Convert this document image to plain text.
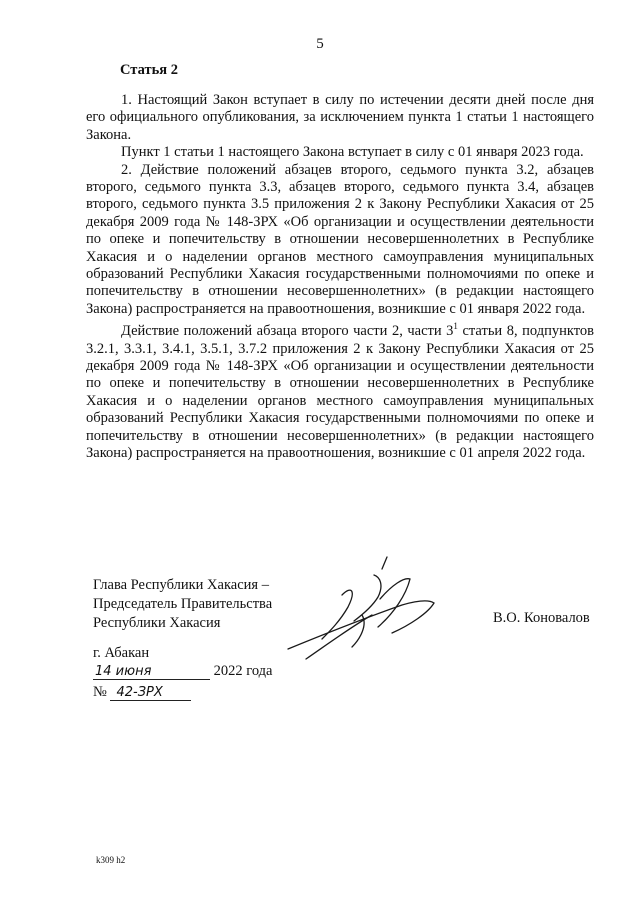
5
Статья 2

1. Настоящий Закон вступает в силу по истечении десяти дней после дня его официального опубликования, за исключением пункта 1 статьи 1 настоящего Закона.

Пункт 1 статьи 1 настоящего Закона вступает в силу с 01 января 2023 года.

2. Действие положений абзацев второго, седьмого пункта 3.2, абзацев второго, седьмого пункта 3.3, абзацев второго, седьмого пункта 3.4, абзацев второго, седьмого пункта 3.5 приложения 2 к Закону Республики Хакасия от 25 декабря 2009 года № 148-ЗРХ «Об организации и осуществлении деятельности по опеке и попечительству в отношении несовершеннолетних в Республике Хакасия и о наделении органов местного самоуправления муниципальных образований Республики Хакасия государственными полномочиями по опеке и попечительству в отношении несовершеннолетних» (в редакции настоящего Закона) распространяется на правоотношения, возникшие с 01 января 2022 года.

Действие положений абзаца второго части 2, части $3^1$ статьи 8, подпунктов 3.2.1, 3.3.1, 3.4.1, 3.5.1, 3.7.2 приложения 2 к Закону Республики Хакасия от 25 декабря 2009 года № 148-ЗРХ «Об организации и осуществлении деятельности по опеке и попечительству в отношении несовершеннолетних в Республике Хакасия и о наделении органов местного самоуправления муниципальных образований Республики Хакасия государственными полномочиями по опеке и попечительству в отношении несовершеннолетних» (в редакции настоящего Закона) распространяется на правоотношения, возникшие с 01 апреля 2022 года.

Глава Республики Хакасия –
Председатель Правительства
Республики Хакасия	В.О. Коновалов
г. Абакан
14 июня	2022 года
№ 42-ЗРХ
k309 h2
